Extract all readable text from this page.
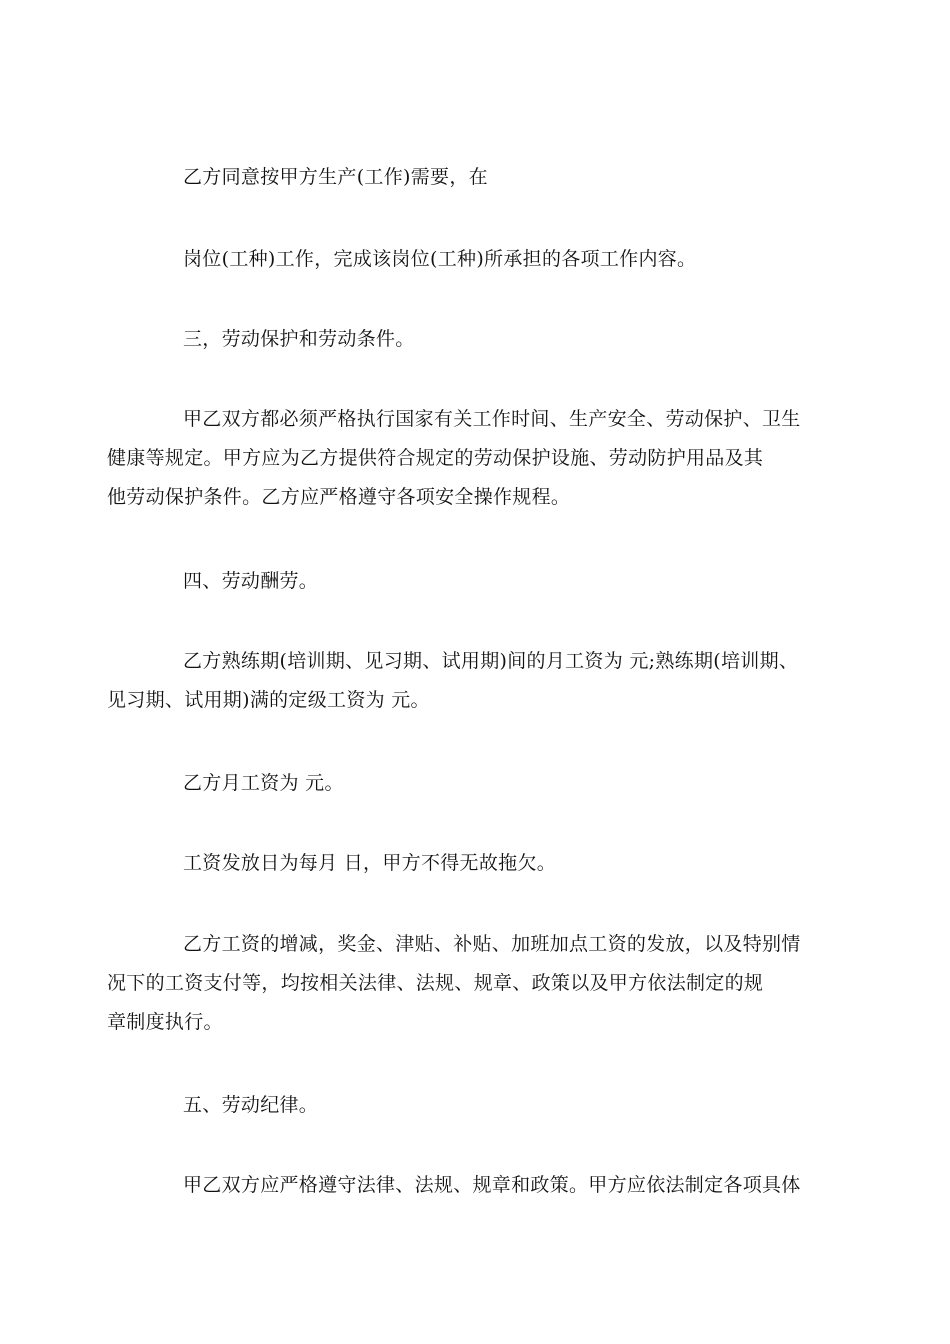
乙方同意按甲方生产(工作)需要，在

岗位(工种)工作，完成该岗位(工种)所承担的各项工作内容。

三，劳动保护和劳动条件。

甲乙双方都必须严格执行国家有关工作时间、生产安全、劳动保护、卫生
健康等规定。甲方应为乙方提供符合规定的劳动保护设施、劳动防护用品及其
他劳动保护条件。乙方应严格遵守各项安全操作规程。

四、劳动酬劳。

乙方熟练期(培训期、见习期、试用期)间的月工资为 元;熟练期(培训期、
见习期、试用期)满的定级工资为 元。

乙方月工资为 元。

工资发放日为每月 日，甲方不得无故拖欠。

乙方工资的增减，奖金、津贴、补贴、加班加点工资的发放，以及特别情
况下的工资支付等，均按相关法律、法规、规章、政策以及甲方依法制定的规
章制度执行。

五、劳动纪律。

甲乙双方应严格遵守法律、法规、规章和政策。甲方应依法制定各项具体
